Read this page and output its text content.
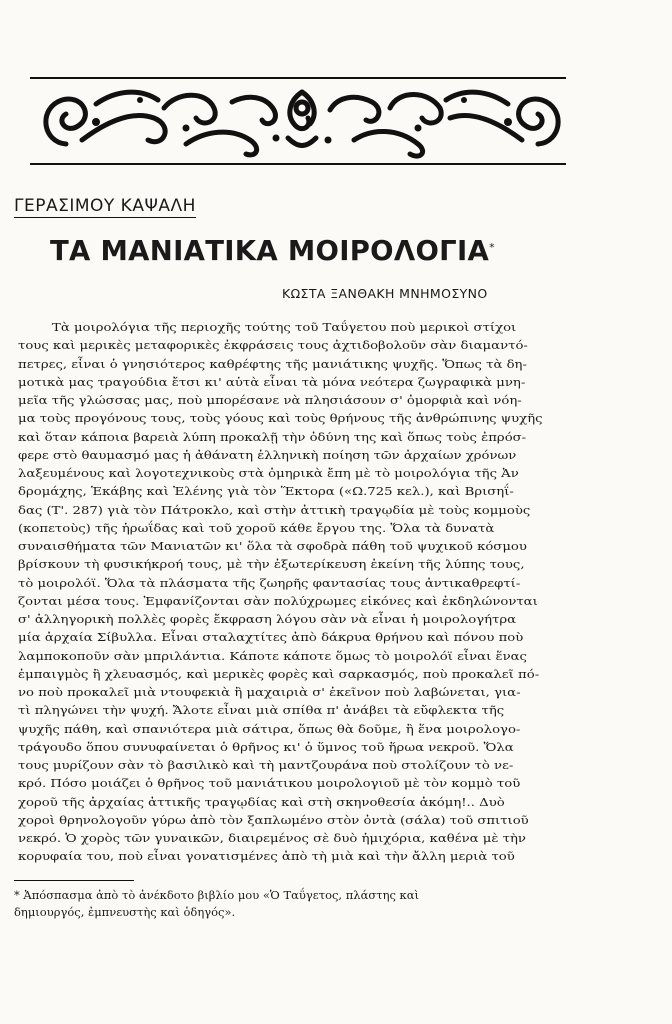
ΓΕΡΑΣΙΜΟΥ ΚΑΨΑΛΗ
ΤΑ ΜΑΝΙΑΤΙΚΑ ΜΟΙΡΟΛΟΓΙΑ*
ΚΩΣΤΑ ΞΑΝΘΑΚΗ ΜΝΗΜΟΣΥΝΟ
Τὰ μοιρολόγια τῆς περιοχῆς τούτης τοῦ Ταΰγετου ποὺ μερικοὶ στίχοι
τους καὶ μερικὲς μεταφορικὲς ἐκφράσεις τους ἀχτιδοβολοῦν σὰν διαμαντό-
πετρες, εἶναι ὁ γνησιότερος καθρέφτης τῆς μανιάτικης ψυχῆς. Ὅπως τὰ δη-
μοτικὰ μας τραγούδια ἔτσι κι' αὐτὰ εἶναι τὰ μόνα νεότερα ζωγραφικὰ μνη-
μεῖα τῆς γλώσσας μας, ποὺ μπορέσανε νὰ πλησιάσουν σ' ὀμορφιὰ καὶ νόη-
μα τοὺς προγόνους τους, τοὺς γόους καὶ τοὺς θρήνους τῆς ἀνθρώπινης ψυχῆς
καὶ ὅταν κάποια βαρειὰ λύπη προκαλῇ τὴν ὀδύνη της καὶ ὅπως τοὺς ἐπρόσ-
φερε στὸ θαυμασμό μας ἡ ἀθάνατη ἑλληνικὴ ποίηση τῶν ἀρχαίων χρόνων
λαξευμένους καὶ λογοτεχνικοὺς στὰ ὁμηρικὰ ἔπη μὲ τὸ μοιρολόγια τῆς Ἀν
δρομάχης, Ἑκάβης καὶ Ἑλένης γιὰ τὸν Ἕκτορα («Ω.725 κελ.), καὶ Βρισηΐ-
δας (Τ'. 287) γιὰ τὸν Πάτροκλο, καὶ στὴν ἀττικὴ τραγῳδία μὲ τοὺς κομμοὺς
(κοπετοὺς) τῆς ἡρωΐδας καὶ τοῦ χοροῦ κάθε ἔργου της. Ὅλα τὰ δυνατὰ
συναισθήματα τῶν Μανιατῶν κι' ὅλα τὰ σφοδρὰ πάθη τοῦ ψυχικοῦ κόσμου
βρίσκουν τὴ φυσικήκροή τους, μὲ τὴν ἐξωτερίκευση ἐκείνη τῆς λύπης τους,
τὸ μοιρολόϊ. Ὅλα τὰ πλάσματα τῆς ζωηρῆς φαντασίας τους ἀντικαθρεφτί-
ζονται μέσα τους. Ἐμφανίζονται σὰν πολύχρωμες εἰκόνες καὶ ἐκδηλώνονται
σ' ἀλληγορικὴ πολλὲς φορὲς ἔκφραση λόγου σὰν νὰ εἶναι ἡ μοιρολογήτρα
μία ἀρχαία Σίβυλλα. Εἶναι σταλαχτίτες ἀπὸ δάκρυα θρήνου καὶ πόνου ποὺ
λαμποκοποῦν σὰν μπριλάντια. Κάποτε κάποτε ὅμως τὸ μοιρολόϊ εἶναι ἕνας
ἐμπαιγμὸς ἢ χλευασμός, καὶ μερικὲς φορὲς καὶ σαρκασμός, ποὺ προκαλεῖ πό-
νο ποὺ προκαλεῖ μιὰ ντουφεκιὰ ἢ μαχαιριὰ σ' ἐκεῖνον ποὺ λαβώνεται, για-
τὶ πληγώνει τὴν ψυχή. Ἄλοτε εἶναι μιὰ σπίθα π' ἀνάβει τὰ εὔφλεκτα τῆς
ψυχῆς πάθη, καὶ σπανιότερα μιὰ σάτιρα, ὅπως θὰ δοῦμε, ἢ ἕνα μοιρολογο-
τράγουδο ὅπου συνυφαίνεται ὁ θρῆνος κι' ὁ ὕμνος τοῦ ἥρωα νεκροῦ. Ὅλα
τους μυρίζουν σὰν τὸ βασιλικὸ καὶ τὴ μαντζουράνα ποὺ στολίζουν τὸ νε-
κρό. Πόσο μοιάζει ὁ θρῆνος τοῦ μανιάτικου μοιρολογιοῦ μὲ τὸν κομμὸ τοῦ
χοροῦ τῆς ἀρχαίας ἀττικῆς τραγῳδίας καὶ στὴ σκηνοθεσία ἀκόμη!.. Δυὸ
χοροὶ θρηνολογοῦν γύρω ἀπὸ τὸν ξαπλωμένο στὸν ὀντὰ (σάλα) τοῦ σπιτιοῦ
νεκρό. Ὁ χορὸς τῶν γυναικῶν, διαιρεμένος σὲ δυὸ ἡμιχόρια, καθένα μὲ τὴν
κορυφαία του, ποὺ εἶναι γονατισμένες ἀπὸ τὴ μιὰ καὶ τὴν ἄλλη μεριὰ τοῦ
* Ἀπόσπασμα ἀπὸ τὸ ἀνέκδοτο βιβλίο μου «Ὁ Ταΰγετος, πλάστης καὶ
δημιουργός, ἐμπνευστὴς καὶ ὁδηγός».
